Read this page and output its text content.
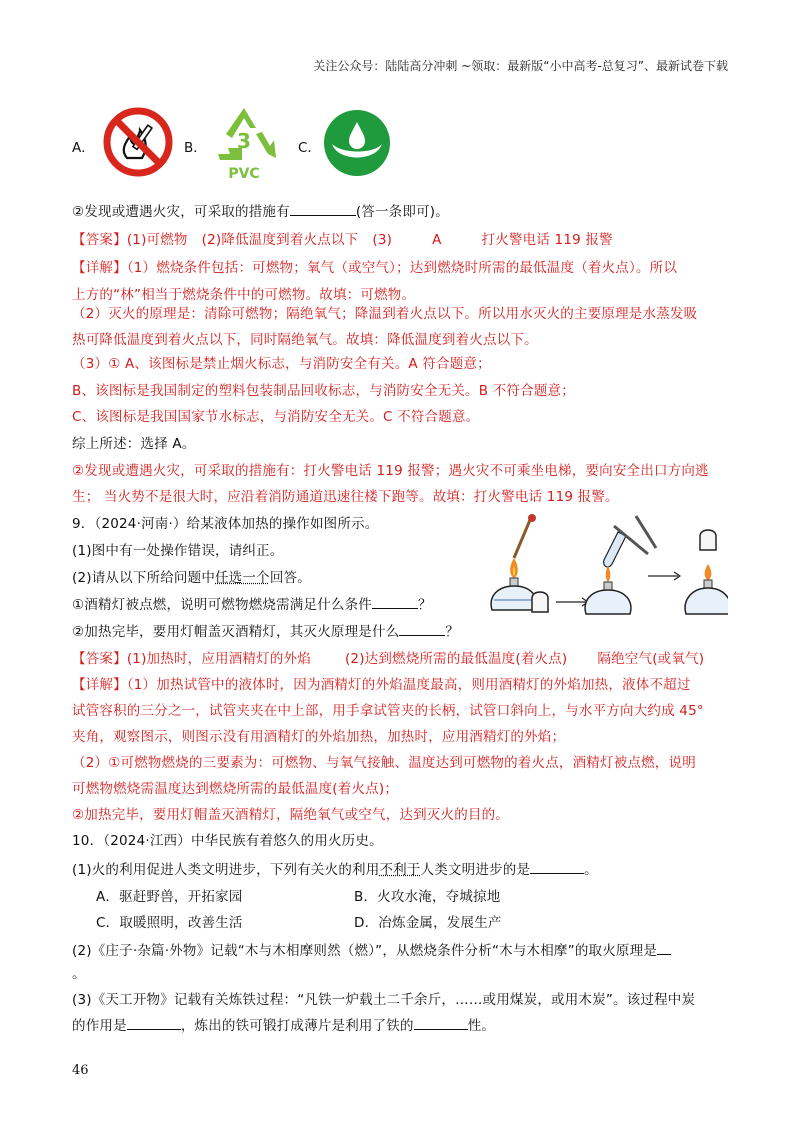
关注公众号：陆陆高分冲刺 ~领取：最新版“小中高考-总复习”、最新试卷下载
A．	B． 3
PVC
C．
②发现或遭遇火灾，可采取的措施有	(答一条即可)。
【答案】(1)可燃物 (2)降低温度到着火点以下 (3)	A	打火警电话 119 报警
【详解】（1）燃烧条件包括：可燃物；氧气（或空气）；达到燃烧时所需的最低温度（着火点）。所以
上方的“林”相当于燃烧条件中的可燃物。故填：可燃物。
（2）灭火的原理是：清除可燃物；隔绝氧气；降温到着火点以下。所以用水灭火的主要原理是水蒸发吸
热可降低温度到着火点以下，同时隔绝氧气。故填：降低温度到着火点以下。
（3）① A、该图标是禁止烟火标志，与消防安全有关。A 符合题意；
B、该图标是我国制定的塑料包装制品回收标志，与消防安全无关。B 不符合题意；
C、该图标是我国国家节水标志，与消防安全无关。C 不符合题意。
综上所述：选择 A。
②发现或遭遇火灾，可采取的措施有：打火警电话 119 报警；遇火灾不可乘坐电梯，要向安全出口方向逃
生； 当火势不是很大时，应沿着消防通道迅速往楼下跑等。故填：打火警电话 119 报警。
9．（2024·河南·）给某液体加热的操作如图所示。
(1)图中有一处操作错误，请纠正。
(2)请从以下所给问题中任选一个回答。
①酒精灯被点燃，说明可燃物燃烧需满足什么条件	？
②加热完毕，要用灯帽盖灭酒精灯，其灭火原理是什么	？
【答案】(1)加热时，应用酒精灯的外焰	(2)达到燃烧所需的最低温度(着火点) 隔绝空气(或氧气)
【详解】（1）加热试管中的液体时，因为酒精灯的外焰温度最高，则用酒精灯的外焰加热，液体不超过
试管容积的三分之一，试管夹夹在中上部，用手拿试管夹的长柄，试管口斜向上，与水平方向大约成 45°
夹角，观察图示，则图示没有用酒精灯的外焰加热，加热时，应用酒精灯的外焰；
（2）①可燃物燃烧的三要素为：可燃物、与氧气接触、温度达到可燃物的着火点，酒精灯被点燃，说明
可燃物燃烧需温度达到燃烧所需的最低温度(着火点)；
②加热完毕，要用灯帽盖灭酒精灯，隔绝氧气或空气，达到灭火的目的。
10．（2024·江西）中华民族有着悠久的用火历史。
(1)火的利用促进人类文明进步，下列有关火的利用不利于人类文明进步的是	。
A．驱赶野兽，开拓家园	B．火攻水淹，夺城掠地
C．取暖照明，改善生活	D．冶炼金属，发展生产
(2)《庄子·杂篇·外物》记载“木与木相摩则然（燃）”，从燃烧条件分析“木与木相摩”的取火原理是
。
(3)《天工开物》记载有关炼铁过程：“凡铁一炉载土二千余斤，……或用煤炭，或用木炭”。该过程中炭
的作用是	，炼出的铁可锻打成薄片是利用了铁的	性。
46
